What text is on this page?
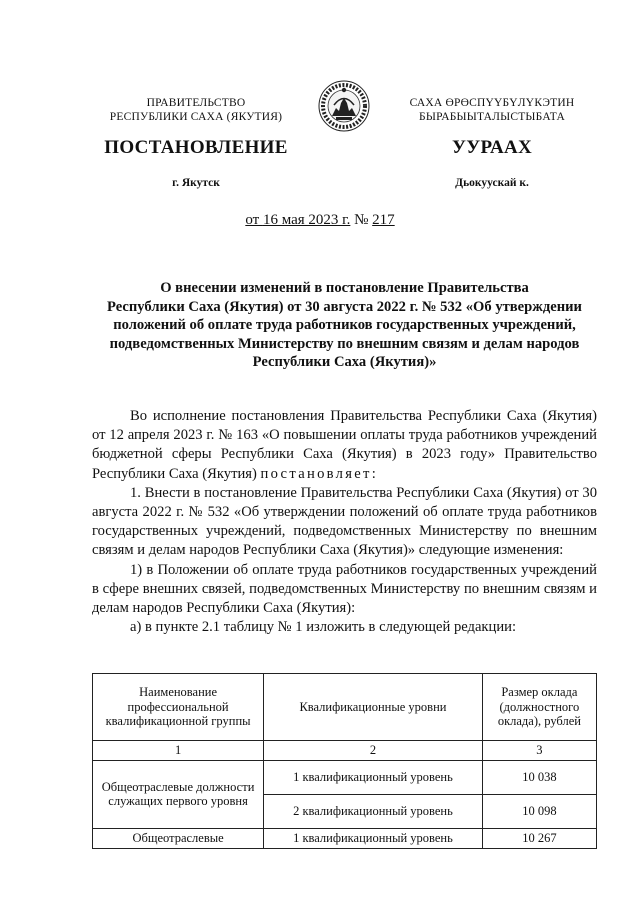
ПРАВИТЕЛЬСТВО
РЕСПУБЛИКИ САХА (ЯКУТИЯ)
САХА ӨРӨСПҮҮБҮЛҮКЭТИН
БЫРАБЫЫТАЛЫСТЫБАТА
ПОСТАНОВЛЕНИЕ	УУРААХ
г. Якутск	Дьокуускай к.
от 16 мая 2023 г. № 217
О внесении изменений в постановление Правительства
Республики Саха (Якутия) от 30 августа 2022 г. № 532 «Об утверждении
положений об оплате труда работников государственных учреждений,
подведомственных Министерству по внешним связям и делам народов
Республики Саха (Якутия)»

Во исполнение постановления Правительства Республики Саха (Якутия) от 12 апреля 2023 г. № 163 «О повышении оплаты труда работников учреждений бюджетной сферы Республики Саха (Якутия) в 2023 году» Правительство Республики Саха (Якутия) постановляет:

1. Внести в постановление Правительства Республики Саха (Якутия) от 30 августа 2022 г. № 532 «Об утверждении положений об оплате труда работников государственных учреждений, подведомственных Министерству по внешним связям и делам народов Республики Саха (Якутия)» следующие изменения:

1) в Положении об оплате труда работников государственных учреждений в сфере внешних связей, подведомственных Министерству по внешним связям и делам народов Республики Саха (Якутия):

а) в пункте 2.1 таблицу № 1 изложить в следующей редакции:

Наименование профессиональной квалификационной группы	Квалификационные уровни	Размер оклада (должностного оклада), рублей
1	2	3
Общеотраслевые должности служащих первого уровня	1 квалификационный уровень	10 038
	2 квалификационный уровень	10 098
Общеотраслевые	1 квалификационный уровень	10 267
